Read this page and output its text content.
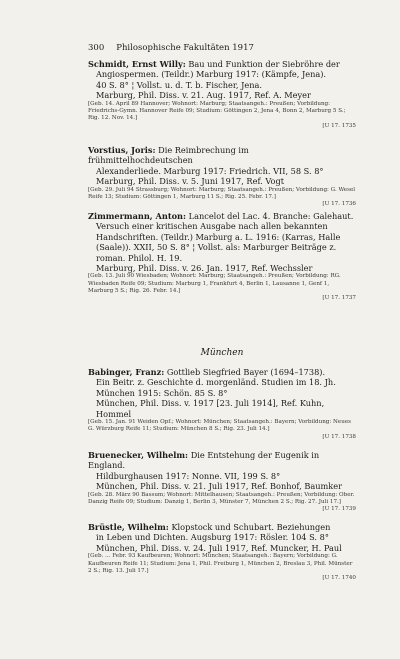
300 Philosophische Fakultäten 1917

Schmidt, Ernst Willy: Bau und Funktion der Siebröhre der

Angiospermen. (Teildr.) Marburg 1917: (Kämpfe, Jena).

40 S. 8° ¦ Vollst. u. d. T. b. Fischer, Jena.

Marburg, Phil. Diss. v. 21. Aug. 1917, Ref. A. Meyer

[Geb. 14. April 89 Hannover; Wohnort: Marburg; Staatsangeh.: Preußen; Vorbildung: Friedrichs-Gymn. Hannover Reife 09; Studium: Göttingen 2, Jena 4, Bonn 2, Marburg 5 S.; Rig. 12. Nov. 14.]

[U 17. 1735

Vorstius, Joris: Die Reimbrechung im frühmittelhochdeutschen

Alexanderliede. Marburg 1917: Friedrich. VII, 58 S. 8°

Marburg, Phil. Diss. v. 5. Juni 1917, Ref. Vogt

[Geb. 29. Juli 94 Strassburg; Wohnort: Marburg; Staatsangeh.: Preußen; Vorbildung: G. Wesel Reife 13; Studium: Göttingen 1, Marburg 11 S.; Rig. 25. Febr. 17.]

[U 17. 1736

Zimmermann, Anton: Lancelot del Lac. 4. Branche: Galehaut.

Versuch einer kritischen Ausgabe nach allen bekannten Handschriften. (Teildr.) Marburg a. L. 1916: (Karras, Halle (Saale)). XXII, 50 S. 8° ¦ Vollst. als: Marburger Beiträge z. roman. Philol. H. 19.

Marburg, Phil. Diss. v. 26. Jan. 1917, Ref. Wechssler

[Geb. 13. Juli 90 Wiesbaden; Wohnort: Marburg; Staatsangeh.: Preußen; Vorbildung: RG. Wiesbaden Reife 09; Studium: Marburg 1, Frankfurt 4, Berlin 1, Lausanne 1, Genf 1, Marburg 5 S.; Rig. 26. Febr. 14.]

[U 17. 1737

München

Babinger, Franz: Gottlieb Siegfried Bayer (1694–1738).

Ein Beitr. z. Geschichte d. morgenländ. Studien im 18. Jh.

München 1915: Schön. 85 S. 8°

München, Phil. Diss. v. 1917 [23. Juli 1914], Ref. Kuhn, Hommel

[Geb. 15. Jan. 91 Weiden Opf.; Wohnort: München; Staatsangeh.: Bayern; Vorbildung: Neues G. Würzburg Reife 11; Studium: München 8 S.; Rig. 23. Juli 14.]

[U 17. 1738

Bruenecker, Wilhelm: Die Entstehung der Eugenik in England.

Hildburghausen 1917: Nonne. VII, 199 S. 8°

München, Phil. Diss. v. 21. Juli 1917, Ref. Bonhof, Baumker

[Geb. 28. März 90 Bassum; Wohnort: Mittelhausen; Staatsangeh.: Preußen; Vorbildung: Ober. Danzig Reife 09; Studium: Danzig 1, Berlin 3, Münster 7, München 2 S.; Rig. 27. Juli 17.]

[U 17. 1739

Brüstle, Wilhelm: Klopstock und Schubart. Beziehungen

in Leben und Dichten. Augsburg 1917: Rösler. 104 S. 8°

München, Phil. Diss. v. 24. Juli 1917, Ref. Muncker, H. Paul

[Geb. ... Febr. 93 Kaufbeuren; Wohnort: München; Staatsangeh.: Bayern; Vorbildung: G. Kaufbeuren Reife 11; Studium: Jena 1, Phil. Freiburg 1, München 2, Breslau 3, Phil. Münster 2 S.; Rig. 13. Juli 17.]

[U 17. 1740
